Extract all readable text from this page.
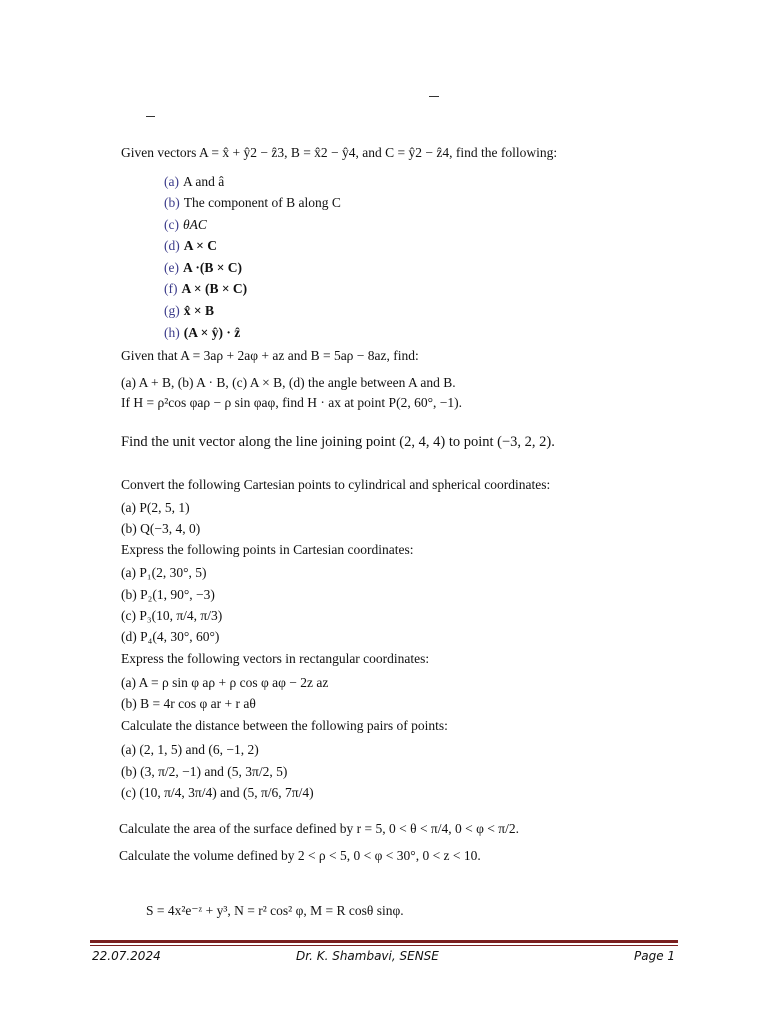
Given vectors A = x̂ + ŷ2 − ẑ3, B = x̂2 − ŷ4, and C = ŷ2 − ẑ4, find the following:
(a) A and â
(b) The component of B along C
(c) θAC
(d) A × C
(e) A ·(B × C)
(f) A × (B × C)
(g) x̂ × B
(h) (A × ŷ) · ẑ
Given that A = 3aρ + 2aφ + az and B = 5aρ − 8az, find:
(a) A + B, (b) A · B, (c) A × B, (d) the angle between A and B.
If H = ρ²cos φaρ − ρ sin φaφ, find H · ax at point P(2, 60°, −1).
Find the unit vector along the line joining point (2, 4, 4) to point (−3, 2, 2).
Convert the following Cartesian points to cylindrical and spherical coordinates:
(a) P(2, 5, 1)
(b) Q(−3, 4, 0)
Express the following points in Cartesian coordinates:
(a) P₁(2, 30°, 5)
(b) P₂(1, 90°, −3)
(c) P₃(10, π/4, π/3)
(d) P₄(4, 30°, 60°)
Express the following vectors in rectangular coordinates:
(a) A = ρ sin φ aρ + ρ cos φ aφ − 2z az
(b) B = 4r cos φ ar + r aθ
Calculate the distance between the following pairs of points:
(a) (2, 1, 5) and (6, −1, 2)
(b) (3, π/2, −1) and (5, 3π/2, 5)
(c) (10, π/4, 3π/4) and (5, π/6, 7π/4)
Calculate the area of the surface defined by r = 5, 0 < θ < π/4, 0 < φ < π/2.
Calculate the volume defined by 2 < ρ < 5, 0 < φ < 30°, 0 < z < 10.
S = 4x²e⁻ᶻ + y³, N = r² cos² φ, M = R cosθ sinφ.
22.07.2024	Dr. K. Shambavi, SENSE	Page 1
